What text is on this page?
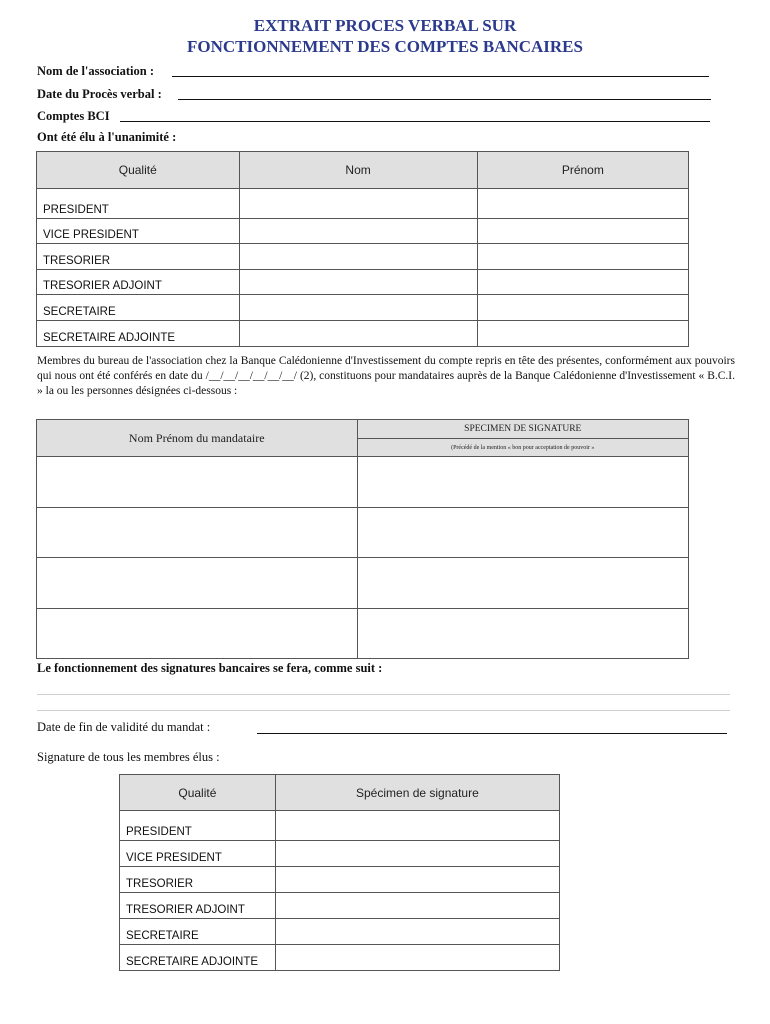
EXTRAIT PROCES VERBAL SUR
FONCTIONNEMENT DES COMPTES BANCAIRES
Nom de l'association :
Date du Procès verbal :
Comptes BCI
Ont été élu à l'unanimité :
Qualité	Nom	Prénom
PRESIDENT		
VICE PRESIDENT		
TRESORIER		
TRESORIER ADJOINT		
SECRETAIRE		
SECRETAIRE ADJOINTE		
Membres du bureau de l'association chez la Banque Calédonienne d'Investissement du compte repris en tête des présentes, conformément aux pouvoirs qui nous ont été conférés en date du /__/__/__/__/__/__/ (2), constituons pour mandataires auprès de la Banque Calédonienne d'Investissement « B.C.I. » la ou les personnes désignées ci-dessous :
Nom Prénom du mandataire	SPECIMEN DE SIGNATURE
	(Précédé de la mention « bon pour acceptation de pouvoir »

Le fonctionnement des signatures bancaires se fera, comme suit :
Date de fin de validité du mandat :
Signature de tous les membres élus :
Qualité	Spécimen de signature
PRESIDENT	
VICE PRESIDENT	
TRESORIER	
TRESORIER ADJOINT	
SECRETAIRE	
SECRETAIRE ADJOINTE	
